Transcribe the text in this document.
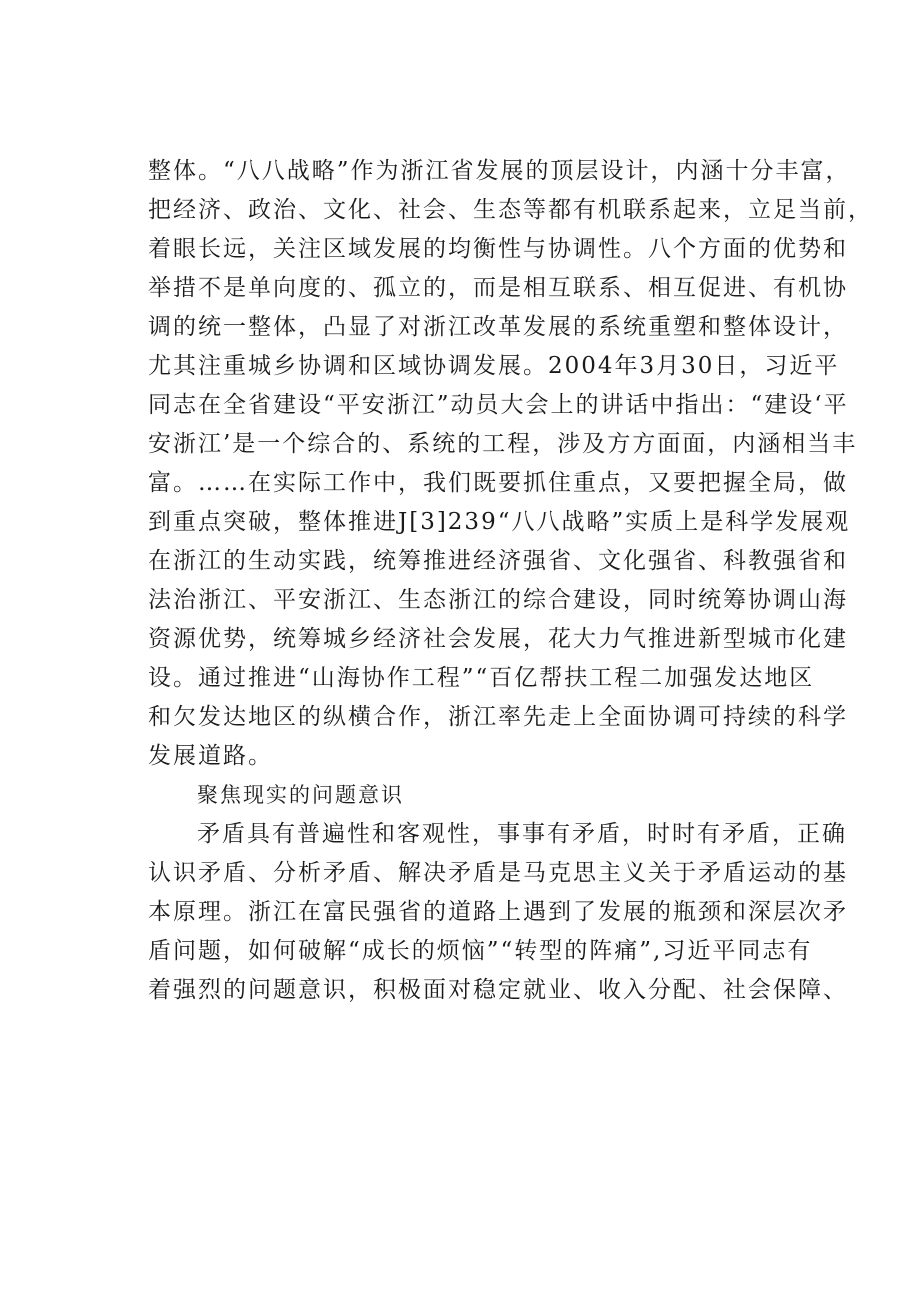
整体。“八八战略”作为浙江省发展的顶层设计，内涵十分丰富，
把经济、政治、文化、社会、生态等都有机联系起来，立足当前，
着眼长远，关注区域发展的均衡性与协调性。八个方面的优势和
举措不是单向度的、孤立的，而是相互联系、相互促进、有机协
调的统一整体，凸显了对浙江改革发展的系统重塑和整体设计，
尤其注重城乡协调和区域协调发展。2004年3月30日，习近平
同志在全省建设“平安浙江”动员大会上的讲话中指出：“建设‘平
安浙江’是一个综合的、系统的工程，涉及方方面面，内涵相当丰
富。……在实际工作中，我们既要抓住重点，又要把握全局，做
到重点突破，整体推进J[3]239“八八战略”实质上是科学发展观
在浙江的生动实践，统筹推进经济强省、文化强省、科教强省和
法治浙江、平安浙江、生态浙江的综合建设，同时统筹协调山海
资源优势，统筹城乡经济社会发展，花大力气推进新型城市化建
设。通过推进“山海协作工程”“百亿帮扶工程二加强发达地区
和欠发达地区的纵横合作，浙江率先走上全面协调可持续的科学
发展道路。
聚焦现实的问题意识
矛盾具有普遍性和客观性，事事有矛盾，时时有矛盾，正确
认识矛盾、分析矛盾、解决矛盾是马克思主义关于矛盾运动的基
本原理。浙江在富民强省的道路上遇到了发展的瓶颈和深层次矛
盾问题，如何破解“成长的烦恼”“转型的阵痛”,习近平同志有
着强烈的问题意识，积极面对稳定就业、收入分配、社会保障、
